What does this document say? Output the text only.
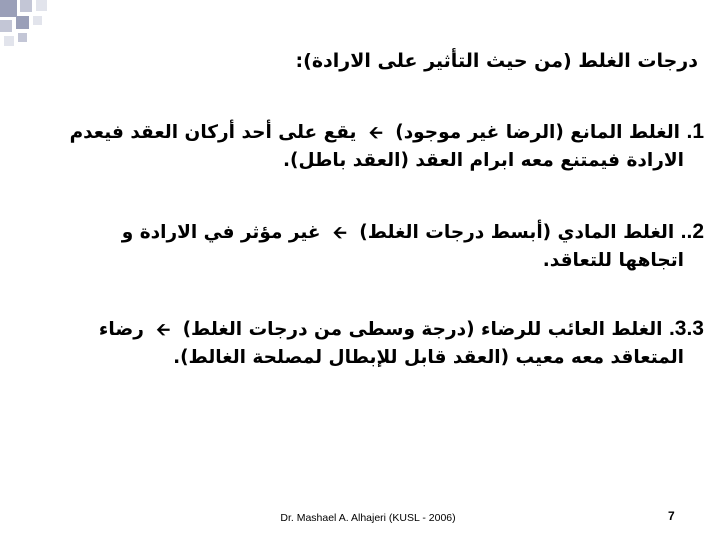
درجات الغلط (من حيث التأثير على الارادة):
1. الغلط المانع (الرضا غير موجود) 🡨 يقع على أحد أركان العقد فيعدم
الارادة فيمتنع معه ابرام العقد (العقد باطل).
2.. الغلط المادي (أبسط درجات الغلط) 🡨 غير مؤثر في الارادة و
اتجاهها للتعاقد.
3.3. الغلط العائب للرضاء (درجة وسطى من درجات الغلط) 🡨 رضاء
المتعاقد معه معيب (العقد قابل للإبطال لمصلحة الغالط).
Dr. Mashael A. Alhajeri (KUSL - 2006)	7
